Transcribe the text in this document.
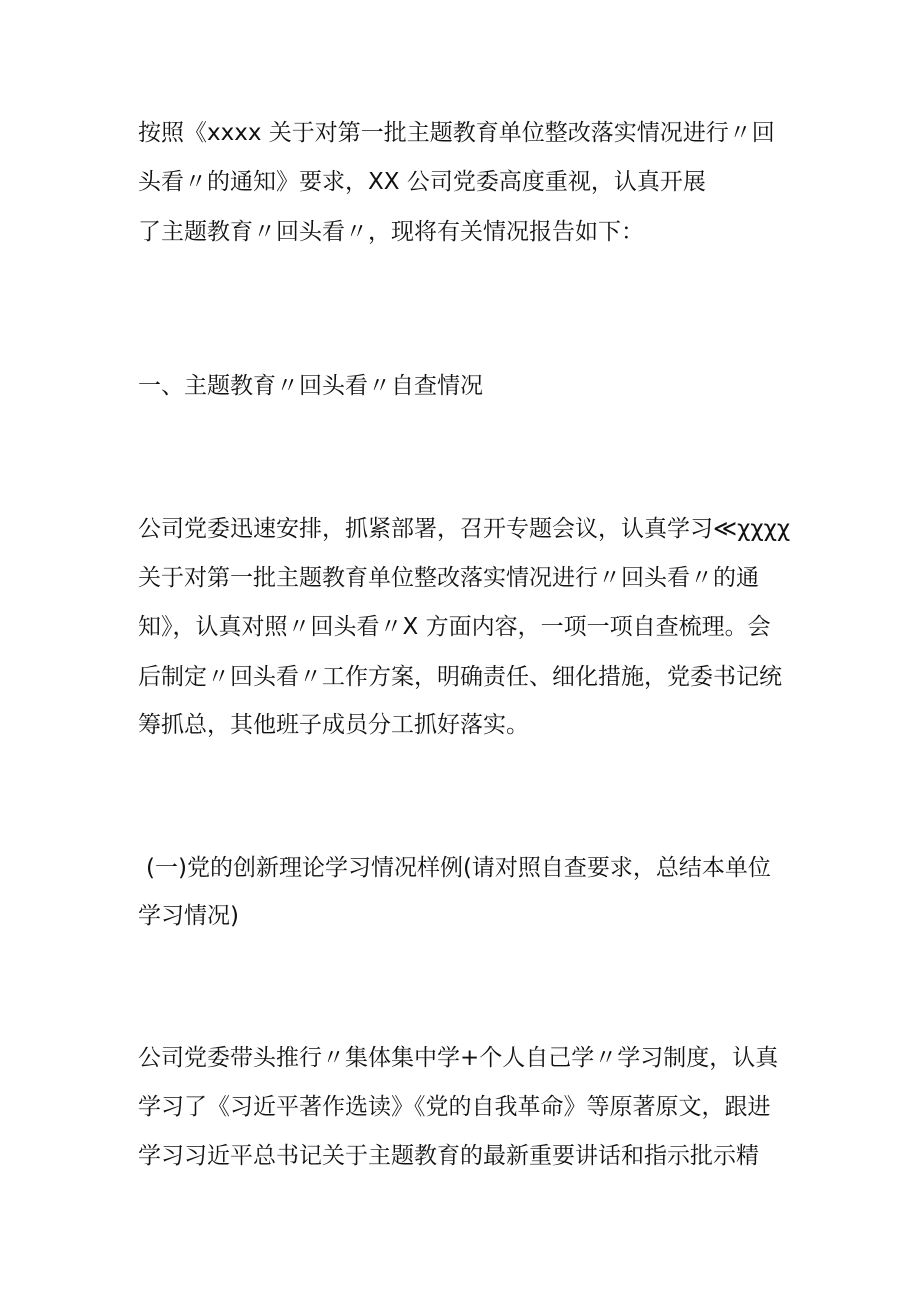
按照《xxxx 关于对第一批主题教育单位整改落实情况进行〃回
头看〃的通知》要求，XX 公司党委高度重视，认真开展
了主题教育〃回头看〃，现将有关情况报告如下：
一、主题教育〃回头看〃自查情况
公司党委迅速安排，抓紧部署，召开专题会议，认真学习≪χχχχ
关于对第一批主题教育单位整改落实情况进行〃回头看〃的通
知》，认真对照〃回头看〃X 方面内容，一项一项自查梳理。会
后制定〃回头看〃工作方案，明确责任、细化措施，党委书记统
筹抓总，其他班子成员分工抓好落实。
(一)党的创新理论学习情况样例(请对照自查要求，总结本单位
学习情况)
公司党委带头推行〃集体集中学+个人自己学〃学习制度，认真
学习了《习近平著作选读》《党的自我革命》等原著原文，跟进
学习习近平总书记关于主题教育的最新重要讲话和指示批示精
